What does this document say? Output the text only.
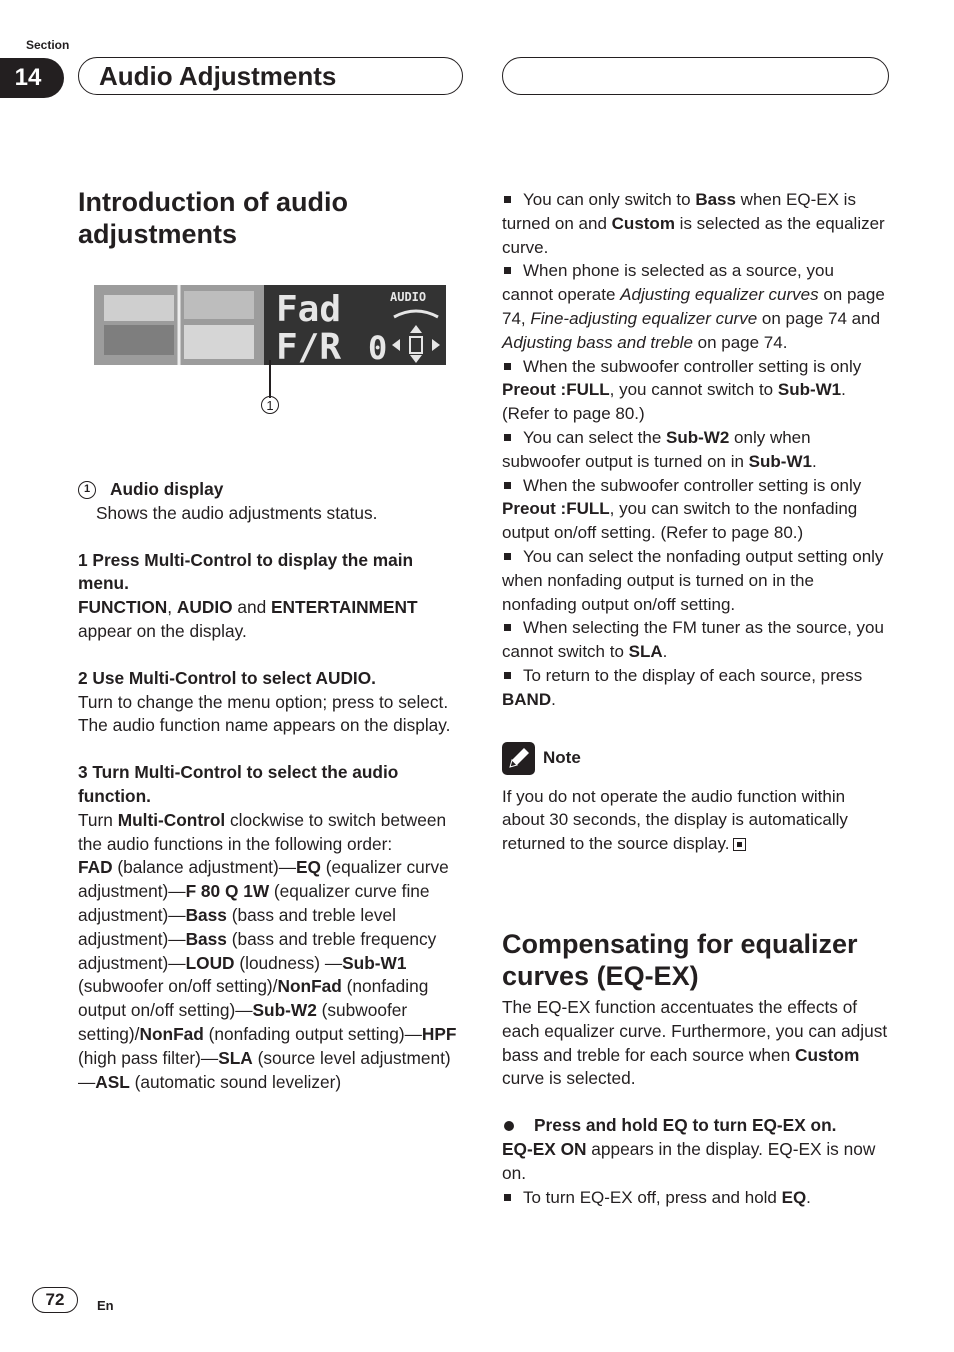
Section
14	Audio Adjustments
Introduction of audio adjustments
Fad
F/R
AUDIO
0
1

1 Audio display

Shows the audio adjustments status.

1 Press Multi-Control to display the main menu.

FUNCTION, AUDIO and ENTERTAINMENT appear on the display.

2 Use Multi-Control to select AUDIO.

Turn to change the menu option; press to select.

The audio function name appears on the display.

3 Turn Multi-Control to select the audio function.

Turn Multi-Control clockwise to switch between the audio functions in the following order:

FAD (balance adjustment)—EQ (equalizer curve adjustment)—F 80 Q 1W (equalizer curve fine adjustment)—Bass (bass and treble level adjustment)—Bass (bass and treble frequency adjustment)—LOUD (loudness) —Sub-W1 (subwoofer on/off setting)/NonFad (nonfading output on/off setting)—Sub-W2 (subwoofer setting)/NonFad (nonfading output setting)—HPF (high pass filter)—SLA (source level adjustment)—ASL (automatic sound levelizer)

You can only switch to Bass when EQ-EX is turned on and Custom is selected as the equalizer curve.

When phone is selected as a source, you cannot operate Adjusting equalizer curves on page 74, Fine-adjusting equalizer curve on page 74 and Adjusting bass and treble on page 74.

When the subwoofer controller setting is only Preout :FULL, you cannot switch to Sub-W1. (Refer to page 80.)

You can select the Sub-W2 only when subwoofer output is turned on in Sub-W1.

When the subwoofer controller setting is only Preout :FULL, you can switch to the nonfading output on/off setting. (Refer to page 80.)

You can select the nonfading output setting only when nonfading output is turned on in the nonfading output on/off setting.

When selecting the FM tuner as the source, you cannot switch to SLA.

To return to the display of each source, press BAND.

Note

If you do not operate the audio function within about 30 seconds, the display is automatically returned to the source display.

Compensating for equalizer curves (EQ-EX)

The EQ-EX function accentuates the effects of each equalizer curve. Furthermore, you can adjust bass and treble for each source when Custom curve is selected.

Press and hold EQ to turn EQ-EX on.

EQ-EX ON appears in the display. EQ-EX is now on.

To turn EQ-EX off, press and hold EQ.

72	En
